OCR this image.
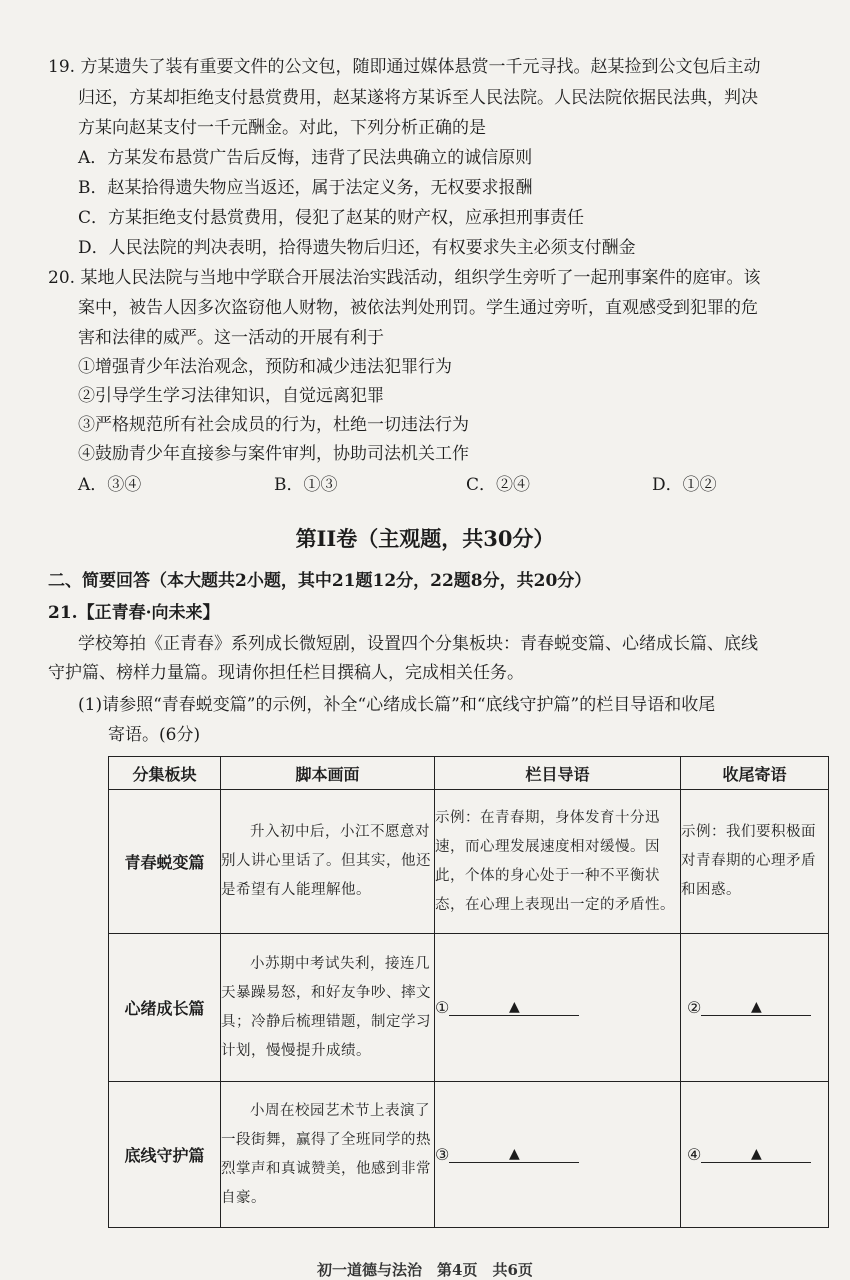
19. 方某遗失了装有重要文件的公文包，随即通过媒体悬赏一千元寻找。赵某捡到公文包后主动
归还，方某却拒绝支付悬赏费用，赵某遂将方某诉至人民法院。人民法院依据民法典，判决
方某向赵某支付一千元酬金。对此，下列分析正确的是
A．方某发布悬赏广告后反悔，违背了民法典确立的诚信原则
B．赵某拾得遗失物应当返还，属于法定义务，无权要求报酬
C．方某拒绝支付悬赏费用，侵犯了赵某的财产权，应承担刑事责任
D．人民法院的判决表明，拾得遗失物后归还，有权要求失主必须支付酬金
20. 某地人民法院与当地中学联合开展法治实践活动，组织学生旁听了一起刑事案件的庭审。该
案中，被告人因多次盗窃他人财物，被依法判处刑罚。学生通过旁听，直观感受到犯罪的危
害和法律的威严。这一活动的开展有利于
①增强青少年法治观念，预防和减少违法犯罪行为
②引导学生学习法律知识，自觉远离犯罪
③严格规范所有社会成员的行为，杜绝一切违法行为
④鼓励青少年直接参与案件审判，协助司法机关工作
A．③④	B．①③	C．②④	D．①②
第II卷（主观题，共30分）
二、简要回答（本大题共2小题，其中21题12分，22题8分，共20分）
21.【正青春·向未来】
学校筹拍《正青春》系列成长微短剧，设置四个分集板块：青春蜕变篇、心绪成长篇、底线
守护篇、榜样力量篇。现请你担任栏目撰稿人，完成相关任务。
(1)请参照“青春蜕变篇”的示例，补全“心绪成长篇”和“底线守护篇”的栏目导语和收尾
寄语。(6分)
分集板块	脚本画面	栏目导语	收尾寄语
青春蜕变篇	升入初中后，小江不愿意对别人讲心里话了。但其实，他还是希望有人能理解他。	示例：在青春期，身体发育十分迅速，而心理发展速度相对缓慢。因此，个体的身心处于一种不平衡状态，在心理上表现出一定的矛盾性。	示例：我们要积极面对青春期的心理矛盾和困惑。
心绪成长篇	小苏期中考试失利，接连几天暴躁易怒，和好友争吵、摔文具；冷静后梳理错题，制定学习计划，慢慢提升成绩。	① ▲	② ▲
底线守护篇	小周在校园艺术节上表演了一段街舞，赢得了全班同学的热烈掌声和真诚赞美，他感到非常自豪。	③ ▲	④ ▲
初一道德与法治　第4页　共6页
